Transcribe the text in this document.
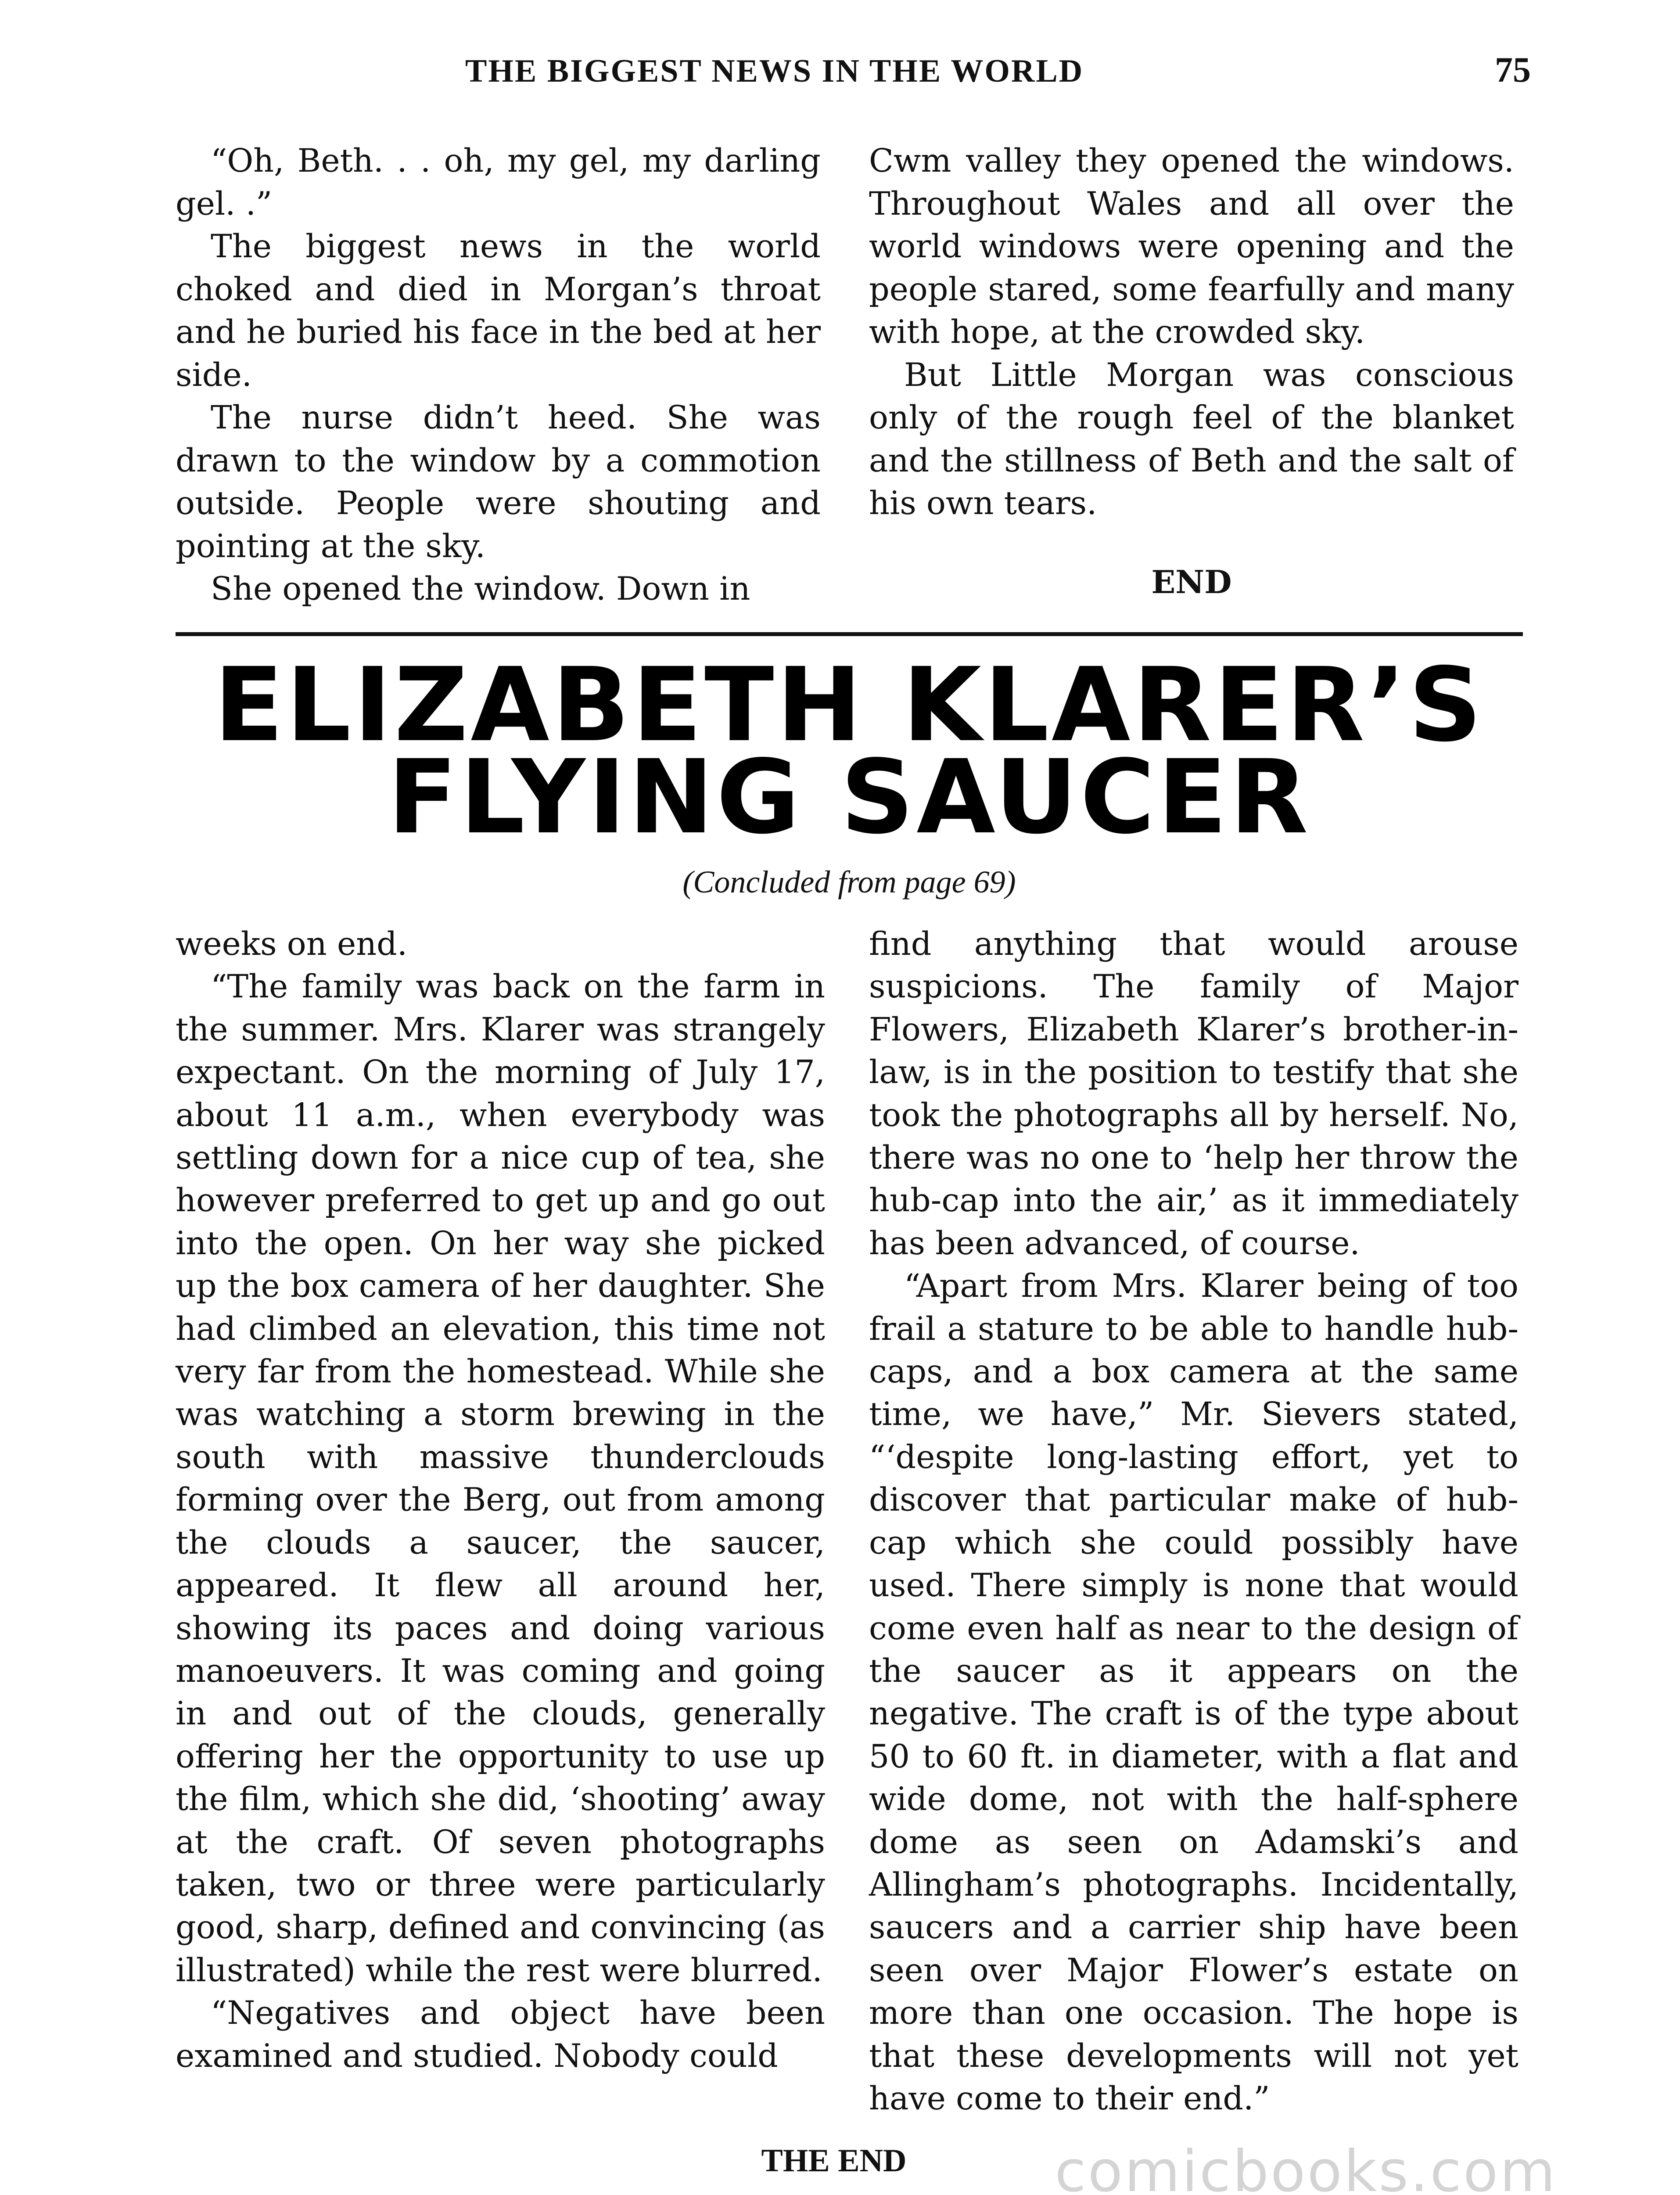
THE BIGGEST NEWS IN THE WORLD	75

“Oh, Beth. . . oh, my gel, my darling gel. .”

The biggest news in the world choked and died in Morgan’s throat and he buried his face in the bed at her side.

The nurse didn’t heed. She was drawn to the window by a commotion outside. People were shouting and pointing at the sky.

She opened the window. Down in

Cwm valley they opened the windows. Throughout Wales and all over the world windows were opening and the people stared, some fearfully and many with hope, at the crowded sky.

But Little Morgan was conscious only of the rough feel of the blanket and the stillness of Beth and the salt of his own tears.

END
ELIZABETH KLARER’S
FLYING SAUCER
(Concluded from page 69)

weeks on end.

“The family was back on the farm in the summer. Mrs. Klarer was strangely expectant. On the morning of July 17, about 11 a.m., when everybody was settling down for a nice cup of tea, she however preferred to get up and go out into the open. On her way she picked up the box camera of her daughter. She had climbed an elevation, this time not very far from the homestead. While she was watching a storm brewing in the south with massive thunderclouds forming over the Berg, out from among the clouds a saucer, the saucer, appeared. It flew all around her, showing its paces and doing various manoeuvers. It was coming and going in and out of the clouds, generally offering her the opportunity to use up the film, which she did, ‘shooting’ away at the craft. Of seven photographs taken, two or three were particularly good, sharp, defined and convincing (as illustrated) while the rest were blurred.

“Negatives and object have been examined and studied. Nobody could

find anything that would arouse suspicions. The family of Major Flowers, Elizabeth Klarer’s brother-in-law, is in the position to testify that she took the photographs all by herself. No, there was no one to ‘help her throw the hub-cap into the air,’ as it immediately has been advanced, of course.

“Apart from Mrs. Klarer being of too frail a stature to be able to handle hub-caps, and a box camera at the same time, we have,” Mr. Sievers stated, “‘despite long-lasting effort, yet to discover that particular make of hub-cap which she could possibly have used. There simply is none that would come even half as near to the design of the saucer as it appears on the negative. The craft is of the type about 50 to 60 ft. in diameter, with a flat and wide dome, not with the half-sphere dome as seen on Adamski’s and Allingham’s photographs. Incidentally, saucers and a carrier ship have been seen over Major Flower’s estate on more than one occasion. The hope is that these developments will not yet have come to their end.”

THE END	comicbooks.com
